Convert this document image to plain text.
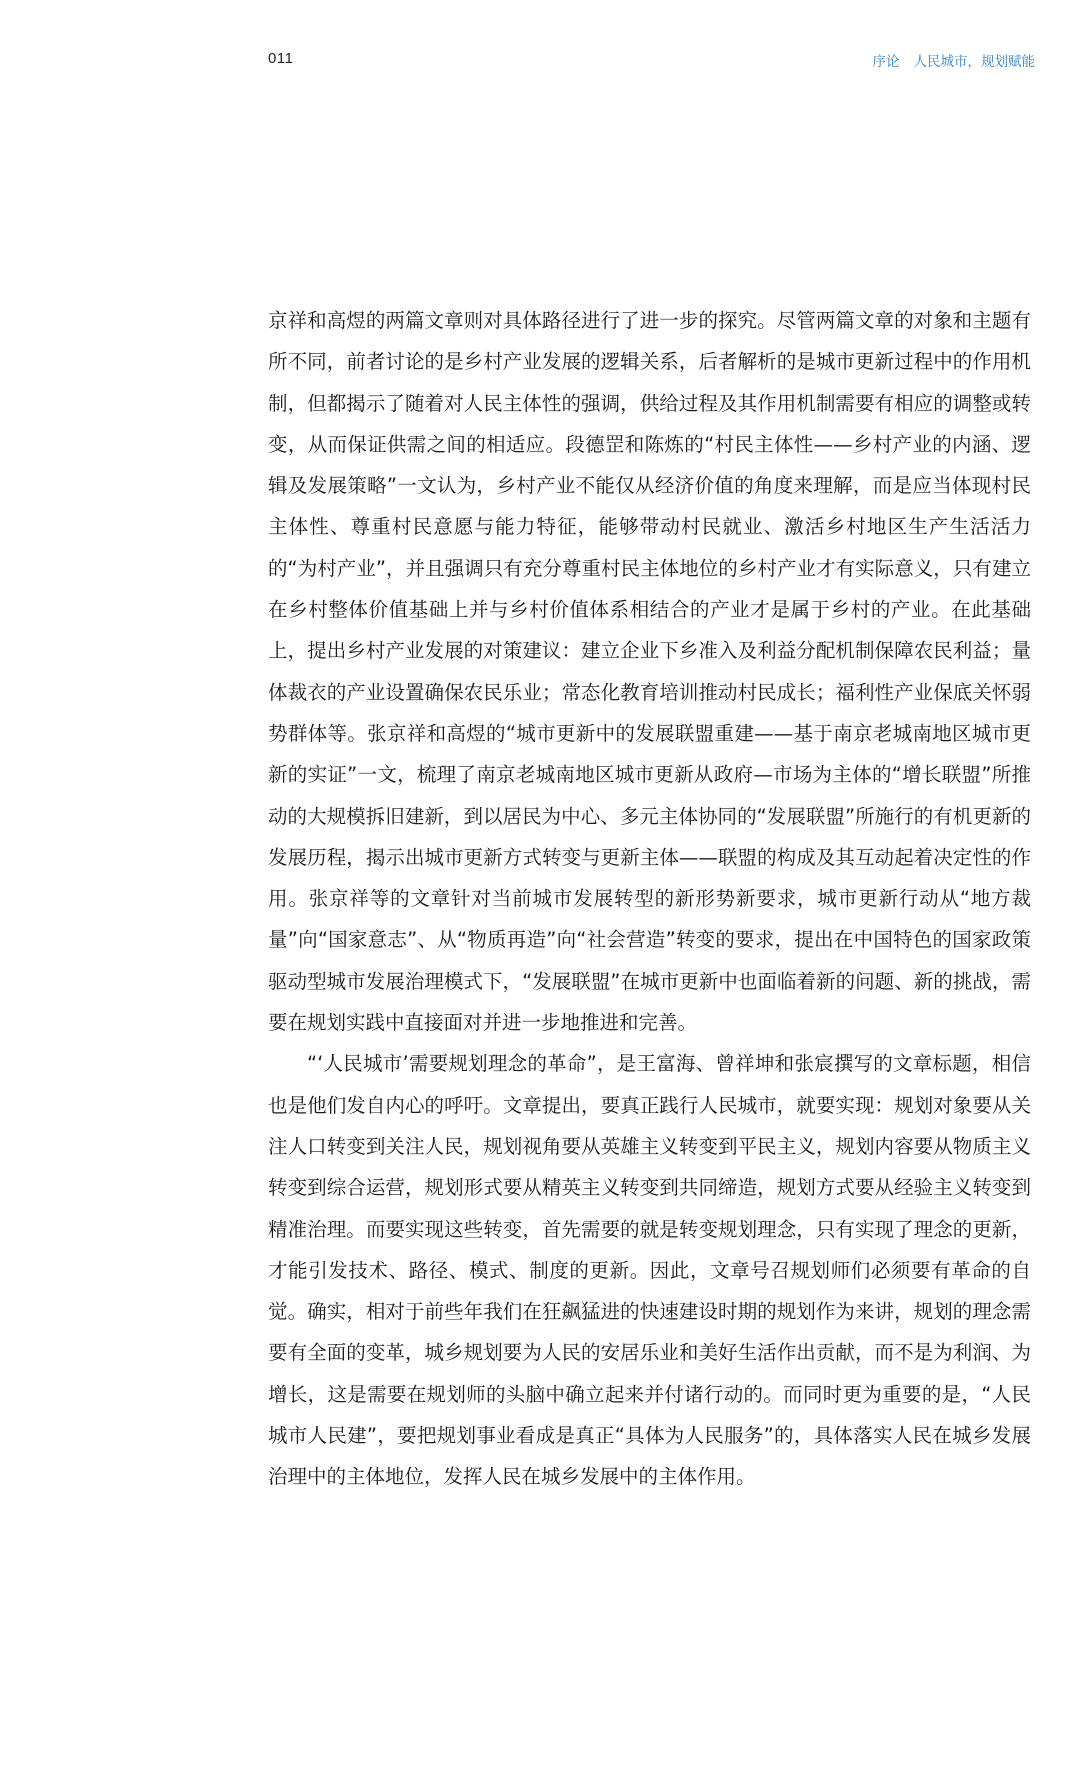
011	序论 人民城市，规划赋能

京祥和高煜的两篇文章则对具体路径进行了进一步的探究。尽管两篇文章的对象和主题有所不同，前者讨论的是乡村产业发展的逻辑关系，后者解析的是城市更新过程中的作用机制，但都揭示了随着对人民主体性的强调，供给过程及其作用机制需要有相应的调整或转变，从而保证供需之间的相适应。段德罡和陈炼的“村民主体性——乡村产业的内涵、逻辑及发展策略”一文认为，乡村产业不能仅从经济价值的角度来理解，而是应当体现村民主体性、尊重村民意愿与能力特征，能够带动村民就业、激活乡村地区生产生活活力的“为村产业”，并且强调只有充分尊重村民主体地位的乡村产业才有实际意义，只有建立在乡村整体价值基础上并与乡村价值体系相结合的产业才是属于乡村的产业。在此基础上，提出乡村产业发展的对策建议：建立企业下乡准入及利益分配机制保障农民利益；量体裁衣的产业设置确保农民乐业；常态化教育培训推动村民成长；福利性产业保底关怀弱势群体等。张京祥和高煜的“城市更新中的发展联盟重建——基于南京老城南地区城市更新的实证”一文，梳理了南京老城南地区城市更新从政府—市场为主体的“增长联盟”所推动的大规模拆旧建新，到以居民为中心、多元主体协同的“发展联盟”所施行的有机更新的发展历程，揭示出城市更新方式转变与更新主体——联盟的构成及其互动起着决定性的作用。张京祥等的文章针对当前城市发展转型的新形势新要求，城市更新行动从“地方裁量”向“国家意志”、从“物质再造”向“社会营造”转变的要求，提出在中国特色的国家政策驱动型城市发展治理模式下，“发展联盟”在城市更新中也面临着新的问题、新的挑战，需要在规划实践中直接面对并进一步地推进和完善。

“‘人民城市’需要规划理念的革命”，是王富海、曾祥坤和张宸撰写的文章标题，相信也是他们发自内心的呼吁。文章提出，要真正践行人民城市，就要实现：规划对象要从关注人口转变到关注人民，规划视角要从英雄主义转变到平民主义，规划内容要从物质主义转变到综合运营，规划形式要从精英主义转变到共同缔造，规划方式要从经验主义转变到精准治理。而要实现这些转变，首先需要的就是转变规划理念，只有实现了理念的更新，才能引发技术、路径、模式、制度的更新。因此，文章号召规划师们必须要有革命的自觉。确实，相对于前些年我们在狂飙猛进的快速建设时期的规划作为来讲，规划的理念需要有全面的变革，城乡规划要为人民的安居乐业和美好生活作出贡献，而不是为利润、为增长，这是需要在规划师的头脑中确立起来并付诸行动的。而同时更为重要的是，“人民城市人民建”，要把规划事业看成是真正“具体为人民服务”的，具体落实人民在城乡发展治理中的主体地位，发挥人民在城乡发展中的主体作用。
